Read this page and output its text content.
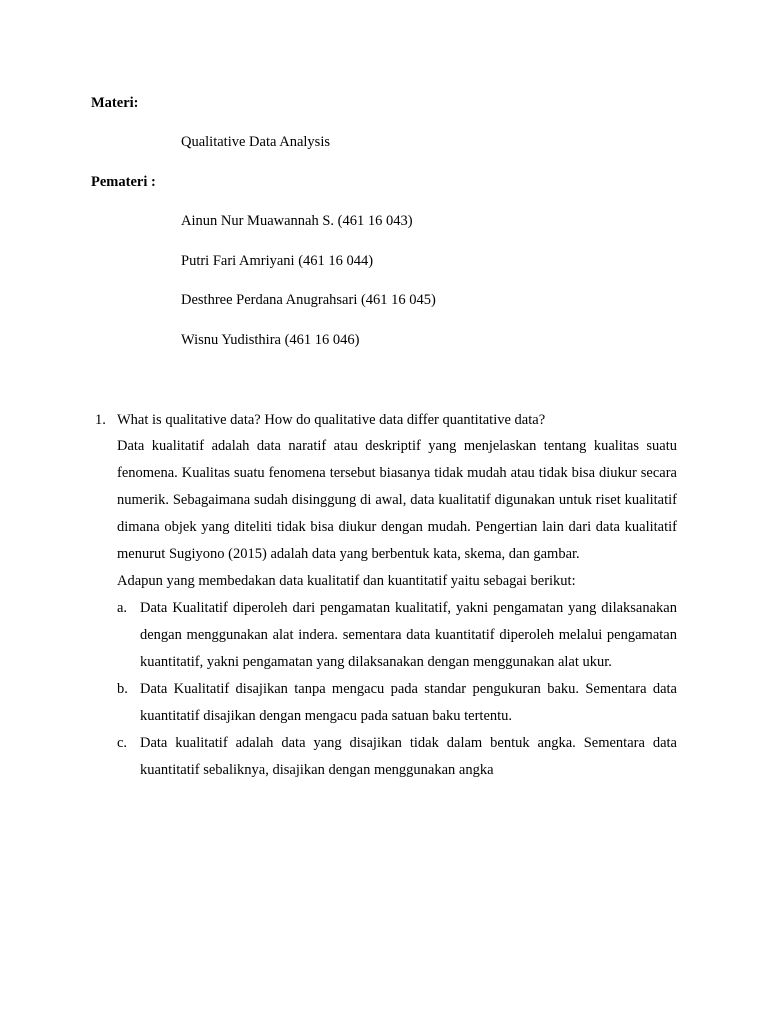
Materi:
Qualitative Data Analysis
Pemateri :
Ainun Nur Muawannah S. (461 16 043)
Putri Fari Amriyani (461 16 044)
Desthree Perdana Anugrahsari (461 16 045)
Wisnu Yudisthira (461 16 046)
1. What is qualitative data? How do qualitative data differ quantitative data?

Data kualitatif adalah data naratif atau deskriptif yang menjelaskan tentang kualitas suatu fenomena. Kualitas suatu fenomena tersebut biasanya tidak mudah atau tidak bisa diukur secara numerik. Sebagaimana sudah disinggung di awal, data kualitatif digunakan untuk riset kualitatif dimana objek yang diteliti tidak bisa diukur dengan mudah. Pengertian lain dari data kualitatif menurut Sugiyono (2015) adalah data yang berbentuk kata, skema, dan gambar.

Adapun yang membedakan data kualitatif dan kuantitatif yaitu sebagai berikut:

a. Data Kualitatif diperoleh dari pengamatan kualitatif, yakni pengamatan yang dilaksanakan dengan menggunakan alat indera. sementara data kuantitatif diperoleh melalui pengamatan kuantitatif, yakni pengamatan yang dilaksanakan dengan menggunakan alat ukur.

b. Data Kualitatif disajikan tanpa mengacu pada standar pengukuran baku. Sementara data kuantitatif disajikan dengan mengacu pada satuan baku tertentu.

c. Data kualitatif adalah data yang disajikan tidak dalam bentuk angka. Sementara data kuantitatif sebaliknya, disajikan dengan menggunakan angka
